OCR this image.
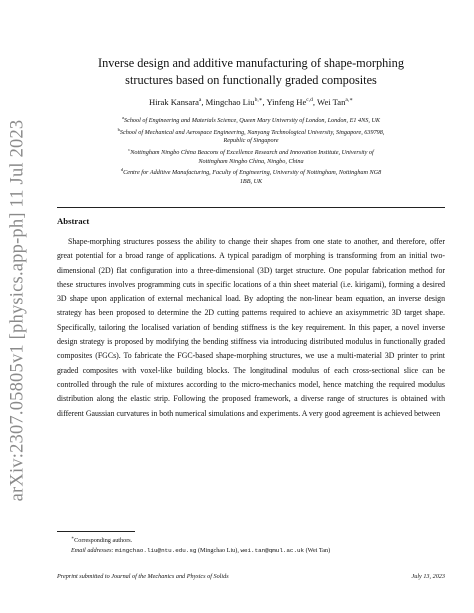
arXiv:2307.05805v1 [physics.app-ph] 11 Jul 2023
Inverse design and additive manufacturing of shape-morphing
structures based on functionally graded composites
Hirak Kansara$^a$, Mingchao Liu$^{b,∗}$, Yinfeng He$^{c,d}$, Wei Tan$^{a,∗}$
$^a$School of Engineering and Materials Science, Queen Mary University of London, London, E1 4NS, UK
$^b$School of Mechanical and Aerospace Engineering, Nanyang Technological University, Singapore, 639798,
Republic of Singapore
$^c$Nottingham Ningbo China Beacons of Excellence Research and Innovation Institute, University of
Nottingham Ningbo China, Ningbo, China
$^d$Centre for Additive Manufacturing, Faculty of Engineering, University of Nottingham, Nottingham NG8
1BB, UK
Abstract

Shape-morphing structures possess the ability to change their shapes from one state to another, and therefore, offer great potential for a broad range of applications. A typical paradigm of morphing is transforming from an initial two-dimensional (2D) flat configuration into a three-dimensional (3D) target structure. One popular fabrication method for these structures involves programming cuts in specific locations of a thin sheet material (i.e. kirigami), forming a desired 3D shape upon application of external mechanical load. By adopting the non-linear beam equation, an inverse design strategy has been proposed to determine the 2D cutting patterns required to achieve an axisymmetric 3D target shape. Specifically, tailoring the localised variation of bending stiffness is the key requirement. In this paper, a novel inverse design strategy is proposed by modifying the bending stiffness via introducing distributed modulus in functionally graded composites (FGCs). To fabricate the FGC-based shape-morphing structures, we use a multi-material 3D printer to print graded composites with voxel-like building blocks. The longitudinal modulus of each cross-sectional slice can be controlled through the rule of mixtures according to the micro-mechanics model, hence matching the required modulus distribution along the elastic strip. Following the proposed framework, a diverse range of structures is obtained with different Gaussian curvatures in both numerical simulations and experiments. A very good agreement is achieved between

∗Corresponding authors.
Email addresses: mingchao.liu@ntu.edu.sg (Mingchao Liu), wei.tan@qmul.ac.uk (Wei Tan)
Preprint submitted to Journal of the Mechanics and Physics of Solids	July 13, 2023
